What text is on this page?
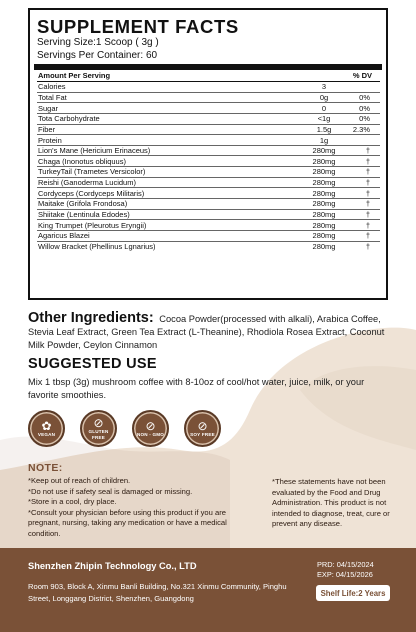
SUPPLEMENT FACTS
Serving Size:1 Scoop ( 3g )
Servings Per Container: 60
Amount Per Serving	% DV
Calories	3
Total Fat	0g	0%
Sugar	0	0%
Tota Carbohydrate	<1g	0%
Fiber	1.5g	2.3%
Protein	1g
Lion's Mane (Hericium Erinaceus)	280mg	†
Chaga (Inonotus obliquus)	280mg	†
TurkeyTail (Trametes Versicolor)	280mg	†
Reishi (Ganoderma Lucidum)	280mg	†
Cordyceps (Cordyceps Militaris)	280mg	†
Maitake (Grifola Frondosa)	280mg	†
Shiitake (Lentinula Edodes)	280mg	†
King Trumpet (Pleurotus Eryngii)	280mg	†
Agaricus Blazei	280mg	†
Willow Bracket (Phellinus Lgnarius)	280mg	†

Other Ingredients: Cocoa Powder(processed with alkali), Arabica Coffee, Stevia Leaf Extract, Green Tea Extract (L-Theanine), Rhodiola Rosea Extract, Coconut Milk Powder, Ceylon Cinnamon

SUGGESTED USE

Mix 1 tbsp (3g) mushroom coffee with 8-10oz of cool/hot water, juice, milk, or your favorite smoothies.

✿
VEGAN
⊘
GLUTEN FREE
⊘
NON - GMO
⊘
SOY FREE
NOTE:
*Keep out of reach of children.
*Do not use if safety seal is damaged or missing.
*Store in a cool, dry place.
*Consult your physician before using this product if you are pregnant, nursing, taking any medication or have a medical condition.
*These statements have not been evaluated by the Food and Drug Administration. This product is not intended to diagnose, treat, cure or prevent any disease.
Shenzhen Zhipin Technology Co., LTD
Room 903, Block A, Xinmu Banli Building, No.321 Xinmu Community, Pinghu Street, Longgang District, Shenzhen, Guangdong
PRD: 04/15/2024
EXP: 04/15/2026
Shelf Life:2 Years
